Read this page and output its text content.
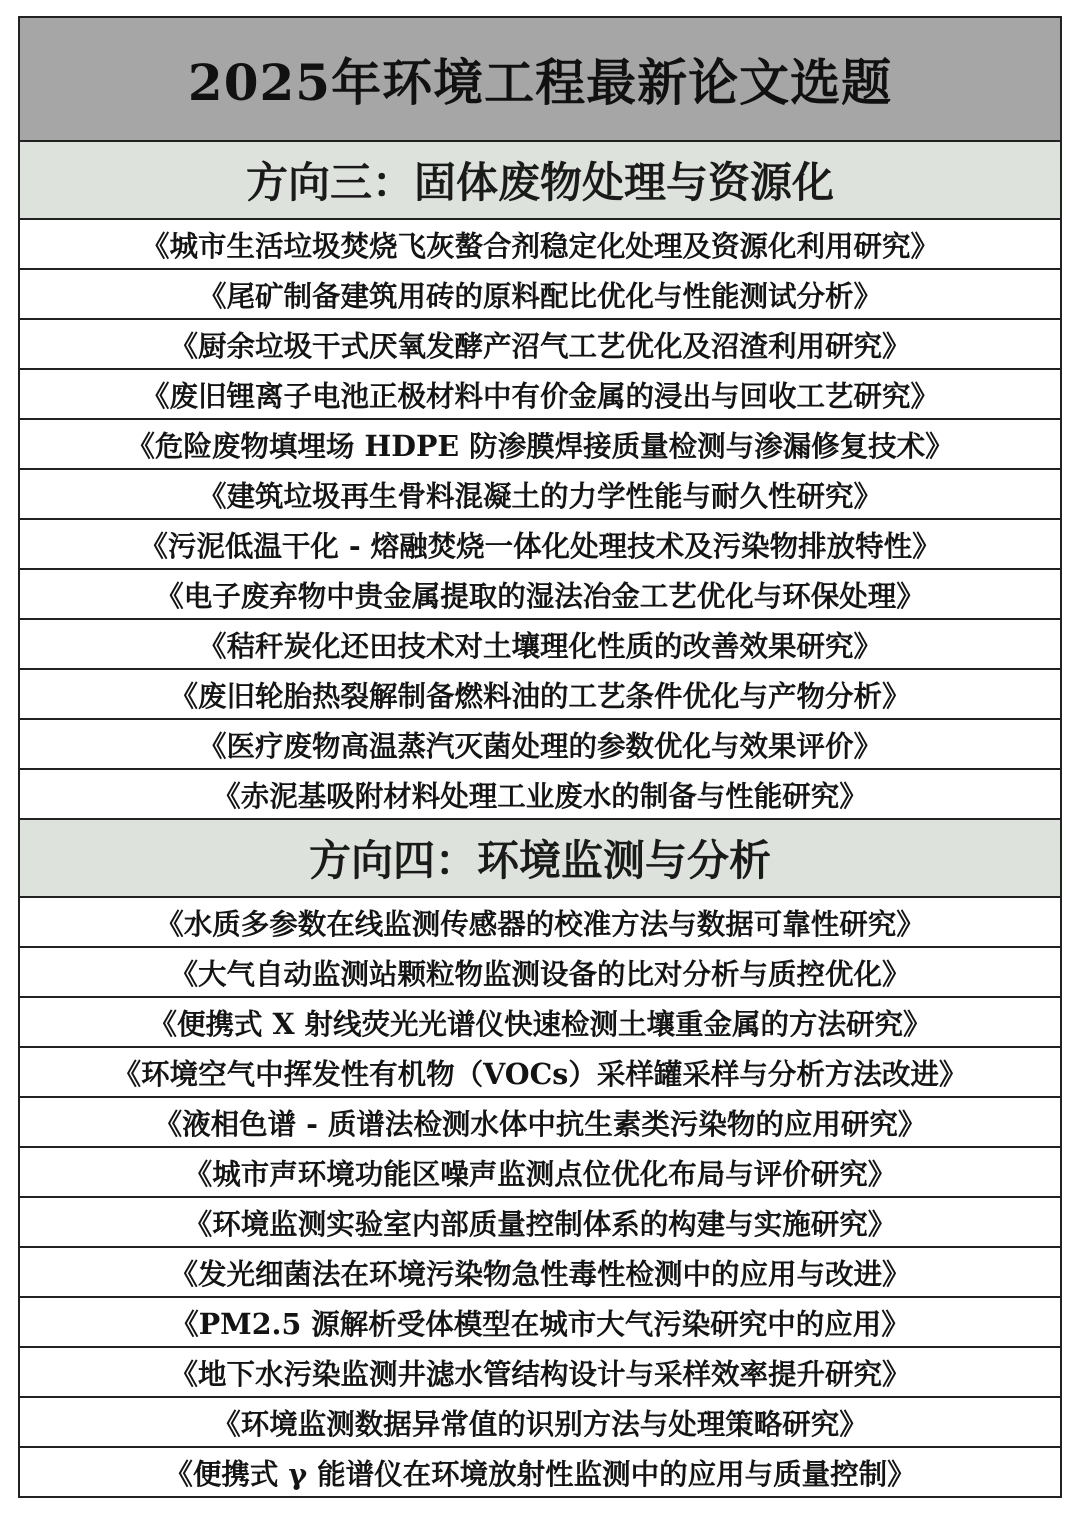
2025年环境工程最新论文选题
方向三：固体废物处理与资源化
《城市生活垃圾焚烧飞灰螯合剂稳定化处理及资源化利用研究》
《尾矿制备建筑用砖的原料配比优化与性能测试分析》
《厨余垃圾干式厌氧发酵产沼气工艺优化及沼渣利用研究》
《废旧锂离子电池正极材料中有价金属的浸出与回收工艺研究》
《危险废物填埋场 HDPE 防渗膜焊接质量检测与渗漏修复技术》
《建筑垃圾再生骨料混凝土的力学性能与耐久性研究》
《污泥低温干化 - 熔融焚烧一体化处理技术及污染物排放特性》
《电子废弃物中贵金属提取的湿法冶金工艺优化与环保处理》
《秸秆炭化还田技术对土壤理化性质的改善效果研究》
《废旧轮胎热裂解制备燃料油的工艺条件优化与产物分析》
《医疗废物高温蒸汽灭菌处理的参数优化与效果评价》
《赤泥基吸附材料处理工业废水的制备与性能研究》
方向四：环境监测与分析
《水质多参数在线监测传感器的校准方法与数据可靠性研究》
《大气自动监测站颗粒物监测设备的比对分析与质控优化》
《便携式 X 射线荧光光谱仪快速检测土壤重金属的方法研究》
《环境空气中挥发性有机物（VOCs）采样罐采样与分析方法改进》
《液相色谱 - 质谱法检测水体中抗生素类污染物的应用研究》
《城市声环境功能区噪声监测点位优化布局与评价研究》
《环境监测实验室内部质量控制体系的构建与实施研究》
《发光细菌法在环境污染物急性毒性检测中的应用与改进》
《PM2.5 源解析受体模型在城市大气污染研究中的应用》
《地下水污染监测井滤水管结构设计与采样效率提升研究》
《环境监测数据异常值的识别方法与处理策略研究》
《便携式 γ 能谱仪在环境放射性监测中的应用与质量控制》
